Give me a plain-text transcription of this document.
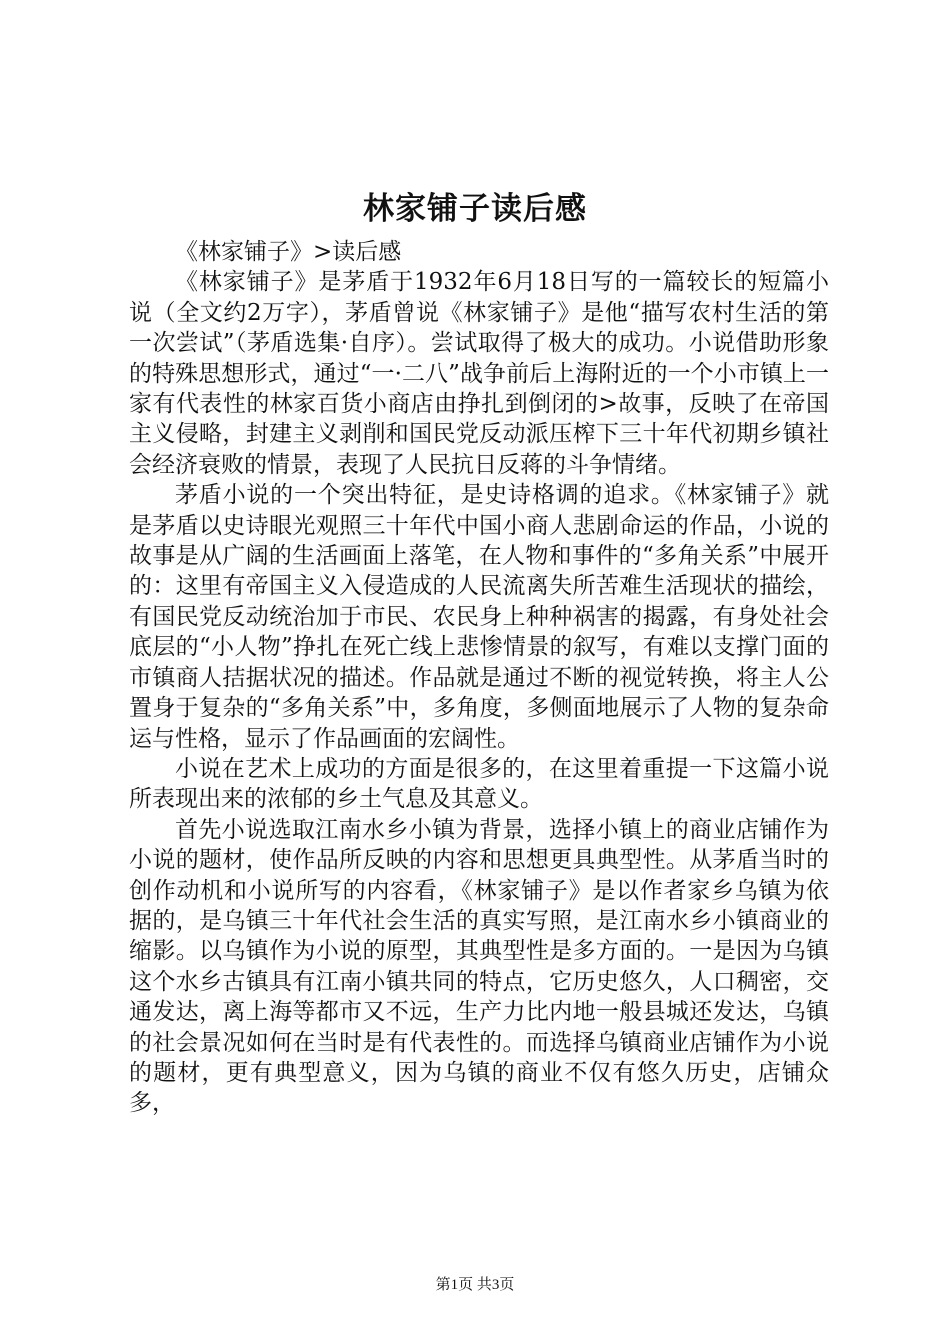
林家铺子读后感

《林家铺子》>读后感

《林家铺子》是茅盾于1932年6月18日写的一篇较长的短篇小说（全文约2万字），茅盾曾说《林家铺子》是他“描写农村生活的第一次尝试”（茅盾选集·自序）。尝试取得了极大的成功。小说借助形象的特殊思想形式，通过“一·二八”战争前后上海附近的一个小市镇上一家有代表性的林家百货小商店由挣扎到倒闭的>故事，反映了在帝国主义侵略，封建主义剥削和国民党反动派压榨下三十年代初期乡镇社会经济衰败的情景，表现了人民抗日反蒋的斗争情绪。

茅盾小说的一个突出特征，是史诗格调的追求。《林家铺子》就是茅盾以史诗眼光观照三十年代中国小商人悲剧命运的作品，小说的故事是从广阔的生活画面上落笔，在人物和事件的“多角关系”中展开的：这里有帝国主义入侵造成的人民流离失所苦难生活现状的描绘，有国民党反动统治加于市民、农民身上种种祸害的揭露，有身处社会底层的“小人物”挣扎在死亡线上悲惨情景的叙写，有难以支撑门面的市镇商人拮据状况的描述。作品就是通过不断的视觉转换，将主人公置身于复杂的“多角关系”中，多角度，多侧面地展示了人物的复杂命运与性格，显示了作品画面的宏阔性。

小说在艺术上成功的方面是很多的，在这里着重提一下这篇小说所表现出来的浓郁的乡土气息及其意义。

首先小说选取江南水乡小镇为背景，选择小镇上的商业店铺作为小说的题材，使作品所反映的内容和思想更具典型性。从茅盾当时的创作动机和小说所写的内容看，《林家铺子》是以作者家乡乌镇为依据的，是乌镇三十年代社会生活的真实写照，是江南水乡小镇商业的缩影。以乌镇作为小说的原型，其典型性是多方面的。一是因为乌镇这个水乡古镇具有江南小镇共同的特点，它历史悠久，人口稠密，交通发达，离上海等都市又不远，生产力比内地一般县城还发达，乌镇的社会景况如何在当时是有代表性的。而选择乌镇商业店铺作为小说的题材，更有典型意义，因为乌镇的商业不仅有悠久历史，店铺众多，

第1页 共3页
